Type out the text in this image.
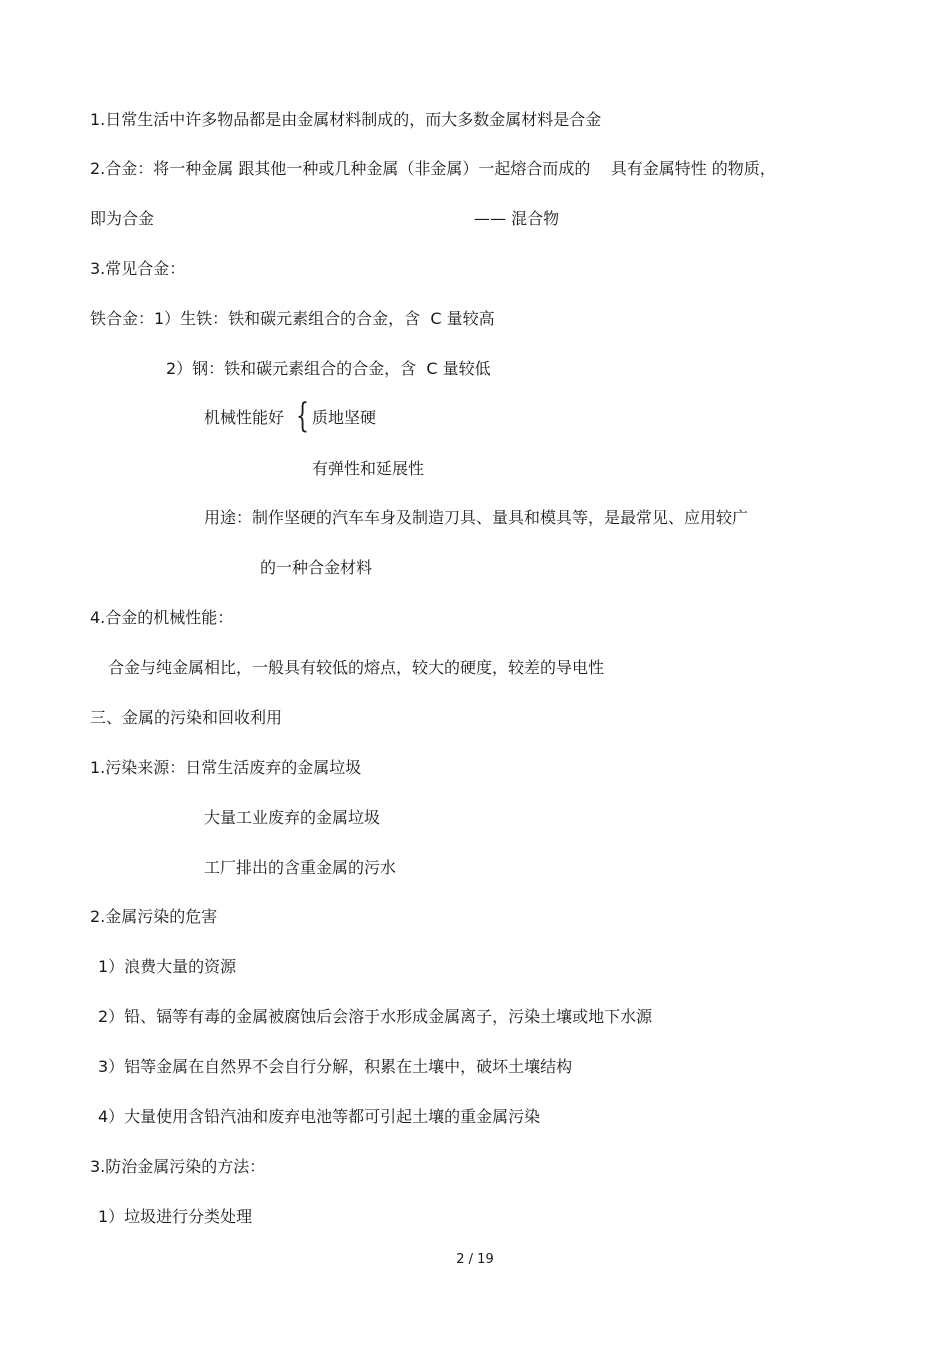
1.日常生活中许多物品都是由金属材料制成的，而大多数金属材料是合金
2.合金：将一种金属 跟其他一种或几种金属（非金属）一起熔合而成的    具有金属特性 的物质，
即为合金	—— 混合物
3.常见合金：
铁合金：1）生铁：铁和碳元素组合的合金，含  C 量较高
2）钢：铁和碳元素组合的合金，含  C 量较低
机械性能好 { 质地坚硬
有弹性和延展性
用途：制作坚硬的汽车车身及制造刀具、量具和模具等，是最常见、应用较广
的一种合金材料
4.合金的机械性能：
合金与纯金属相比，一般具有较低的熔点，较大的硬度，较差的导电性
三、金属的污染和回收利用
1.污染来源：日常生活废弃的金属垃圾
大量工业废弃的金属垃圾
工厂排出的含重金属的污水
2.金属污染的危害
1）浪费大量的资源
2）铅、镉等有毒的金属被腐蚀后会溶于水形成金属离子，污染土壤或地下水源
3）铝等金属在自然界不会自行分解，积累在土壤中，破坏土壤结构
4）大量使用含铅汽油和废弃电池等都可引起土壤的重金属污染
3.防治金属污染的方法：
1）垃圾进行分类处理
2 / 19
